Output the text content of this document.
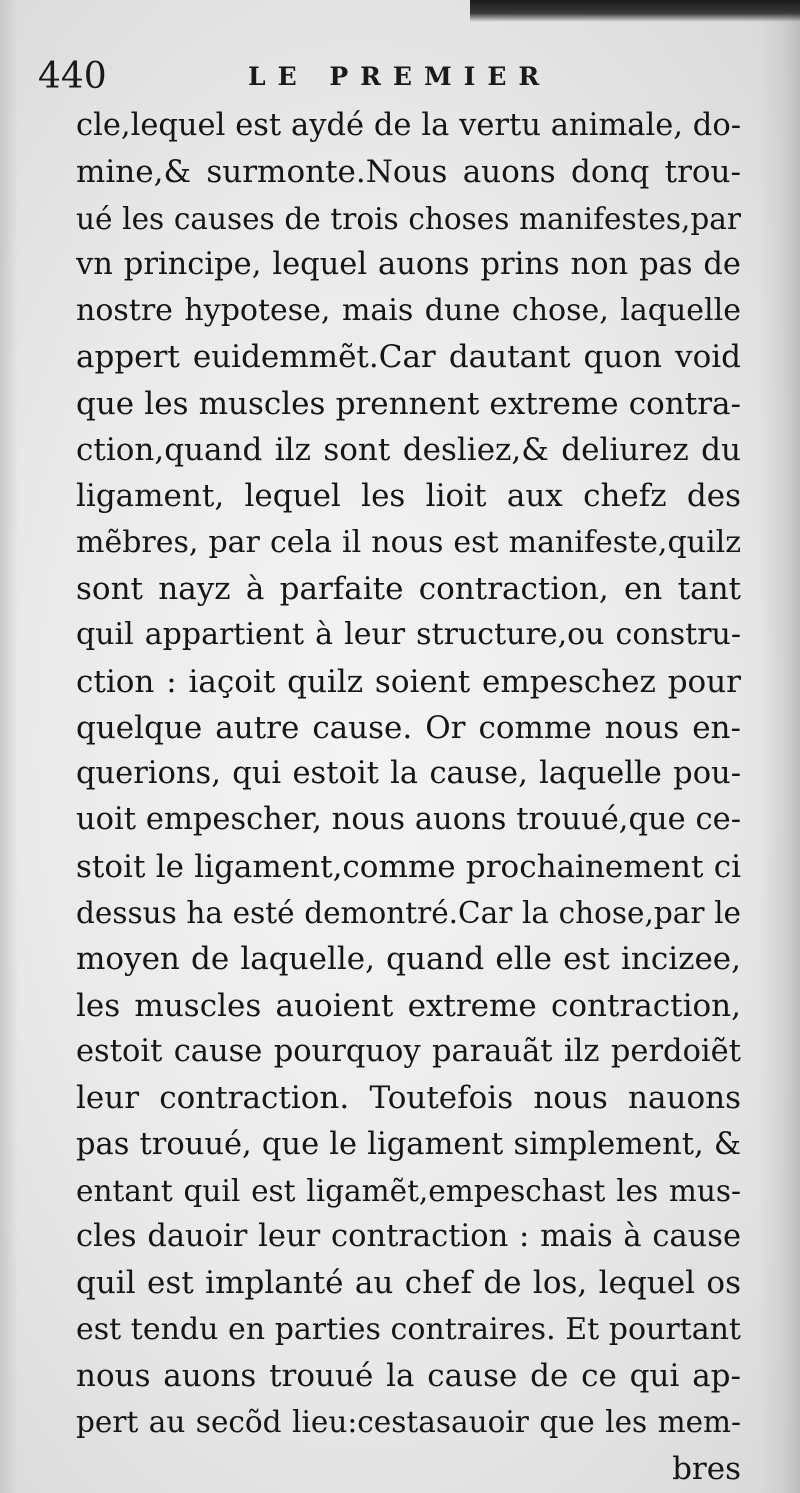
440	LE PREMIER
cle,lequel est aydé de la vertu animale, do-
mine,& surmonte.Nous auons donq trou-
ué les causes de trois choses manifestes,par
vn principe, lequel auons prins non pas de
nostre hypotese, mais dune chose, laquelle
appert euidemmẽt.Car dautant quon void
que les muscles prennent extreme contra-
ction,quand ilz sont desliez,& deliurez du
ligament, lequel les lioit aux chefz des
mẽbres, par cela il nous est manifeste,quilz
sont nayz à parfaite contraction, en tant
quil appartient à leur structure,ou constru-
ction : iaçoit quilz soient empeschez pour
quelque autre cause. Or comme nous en-
querions, qui estoit la cause, laquelle pou-
uoit empescher, nous auons trouué,que ce-
stoit le ligament,comme prochainement ci
dessus ha esté demontré.Car la chose,par le
moyen de laquelle, quand elle est incizee,
les muscles auoient extreme contraction,
estoit cause pourquoy parauãt ilz perdoiẽt
leur contraction. Toutefois nous nauons
pas trouué, que le ligament simplement, &
entant quil est ligamẽt,empeschast les mus-
cles dauoir leur contraction : mais à cause
quil est implanté au chef de los, lequel os
est tendu en parties contraires. Et pourtant
nous auons trouué la cause de ce qui ap-
pert au secõd lieu:cestasauoir que les mem-
bres
